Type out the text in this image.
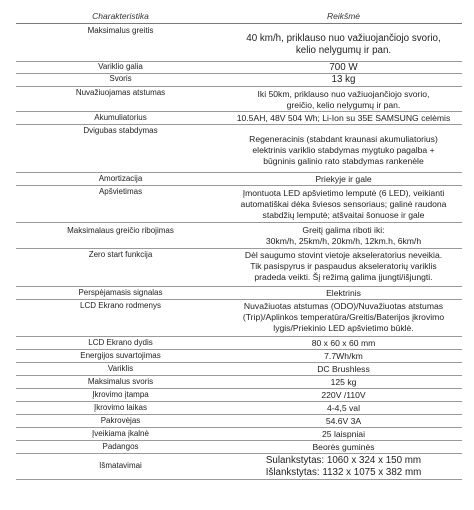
Charakteristika	Reikšmė
Maksimalus greitis	40 km/h, priklauso nuo važiuojančiojo svorio,
kelio nelygumų ir pan.

Variklio galia	700 W
Svoris	13 kg
Nuvažiuojamas atstumas	Iki 50km, priklauso nuo važiuojančiojo svorio,
greičio, kelio nelygumų ir pan.

Akumuliatorius	10.5AH, 48V 504 Wh; Li-Ion su 35E SAMSUNG celėmis
Dvigubas stabdymas	Regeneracinis (stabdant kraunasi akumuliatorius)
elektrinis variklio stabdymas mygtuko pagalba +
būgninis galinio rato stabdymas rankenėle

Amortizacija	Priekyje ir gale
Apšvietimas	Įmontuota LED apšvietimo lemputė (6 LED), veikianti
automatiškai dėka šviesos sensoriaus; galinė raudona
stabdžių lemputė; atšvaitai šonuose ir gale

Maksimalaus greičio ribojimas	Greitį galima riboti iki:
30km/h, 25km/h, 20km/h, 12km.h, 6km/h

Zero start funkcija	Dėl saugumo stovint vietoje akseleratorius neveikia.
Tik pasispyrus ir paspaudus akseleratorių variklis
pradeda veikti. Šį režimą galima įjungti/išjungti.

Perspėjamasis signalas	Elektrinis
LCD Ekrano rodmenys	Nuvažiuotas atstumas (ODO)/Nuvažiuotas atstumas
(Trip)/Aplinkos temperatūra/Greitis/Baterijos įkrovimo
lygis/Priekinio LED apšvietimo būklė.

LCD Ekrano dydis	80 x 60 x 60 mm
Energijos suvartojimas	7.7Wh/km
Variklis	DC Brushless
Maksimalus svoris	125 kg
Įkrovimo įtampa	220V /110V
Įkrovimo laikas	4-4,5 val
Pakrovėjas	54.6V 3A
Įveikiama įkalnė	25 laispniai
Padangos	Beorės guminės
Išmatavimai	Sulankstytas: 1060 x 324 x 150 mm
Išlankstytas: 1132 x 1075 x 382 mm
